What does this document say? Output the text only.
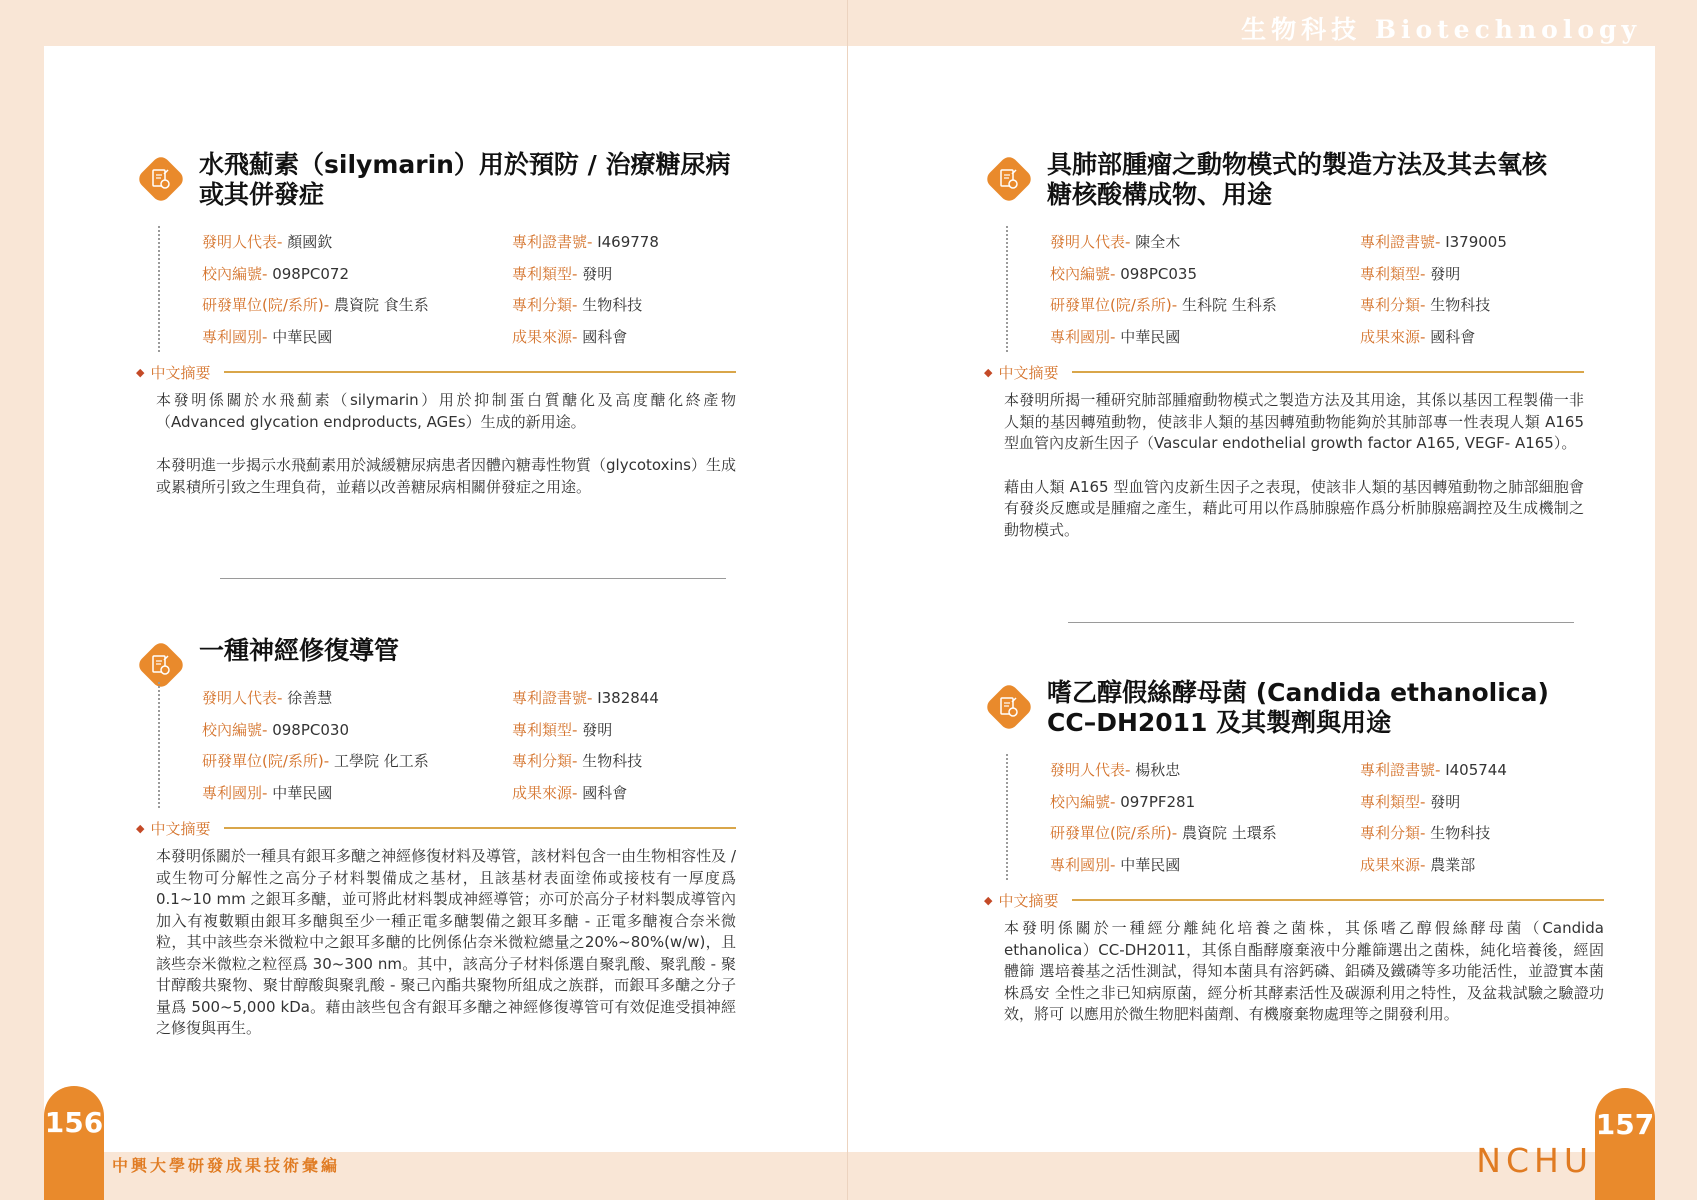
生物科技 Biotechnology
水飛薊素（silymarin）用於預防 / 治療糖尿病
或其併發症
發明人代表- 顏國欽	專利證書號- I469778
校內編號- 098PC072	專利類型- 發明
研發單位(院/系所)- 農資院 食生系	專利分類- 生物科技
專利國別- 中華民國	成果來源- 國科會
◆ 中文摘要

本發明係關於水飛薊素（silymarin）用於抑制蛋白質醣化及高度醣化終產物（Advanced glycation endproducts, AGEs）生成的新用途。

本發明進一步揭示水飛薊素用於減緩糖尿病患者因體內糖毒性物質（glycotoxins）生成或累積所引致之生理負荷，並藉以改善糖尿病相關併發症之用途。

具肺部腫瘤之動物模式的製造方法及其去氧核
糖核酸構成物、用途
發明人代表- 陳全木	專利證書號- I379005
校內編號- 098PC035	專利類型- 發明
研發單位(院/系所)- 生科院 生科系	專利分類- 生物科技
專利國別- 中華民國	成果來源- 國科會
◆ 中文摘要

本發明所揭一種研究肺部腫瘤動物模式之製造方法及其用途，其係以基因工程製備一非人類的基因轉殖動物，使該非人類的基因轉殖動物能夠於其肺部專一性表現人類 A165 型血管內皮新生因子（Vascular endothelial growth factor A165, VEGF- A165）。

藉由人類 A165 型血管內皮新生因子之表現，使該非人類的基因轉殖動物之肺部細胞會有發炎反應或是腫瘤之產生，藉此可用以作爲肺腺癌作爲分析肺腺癌調控及生成機制之動物模式。

一種神經修復導管
發明人代表- 徐善慧	專利證書號- I382844
校內編號- 098PC030	專利類型- 發明
研發單位(院/系所)- 工學院 化工系	專利分類- 生物科技
專利國別- 中華民國	成果來源- 國科會
◆ 中文摘要

本發明係關於一種具有銀耳多醣之神經修復材料及導管，該材料包含一由生物相容性及 / 或生物可分解性之高分子材料製備成之基材，且該基材表面塗佈或接枝有一厚度爲 0.1~10 mm 之銀耳多醣，並可將此材料製成神經導管；亦可於高分子材料製成導管內加入有複數顆由銀耳多醣與至少一種正電多醣製備之銀耳多醣 - 正電多醣複合奈米微粒，其中該些奈米微粒中之銀耳多醣的比例係佔奈米微粒總量之20%~80%(w/w)，且該些奈米微粒之粒徑爲 30~300 nm。其中，該高分子材料係選自聚乳酸、聚乳酸 - 聚甘醇酸共聚物、聚甘醇酸與聚乳酸 - 聚己內酯共聚物所組成之族群，而銀耳多醣之分子量爲 500~5,000 kDa。藉由該些包含有銀耳多醣之神經修復導管可有效促進受損神經之修復與再生。

嗜乙醇假絲酵母菌 (Candida ethanolica)
CC–DH2011 及其製劑與用途
發明人代表- 楊秋忠	專利證書號- I405744
校內編號- 097PF281	專利類型- 發明
研發單位(院/系所)- 農資院 土環系	專利分類- 生物科技
專利國別- 中華民國	成果來源- 農業部
◆ 中文摘要

本發明係關於一種經分離純化培養之菌株，其係嗜乙醇假絲酵母菌（Candida ethanolica）CC-DH2011，其係自酯酵廢棄液中分離篩選出之菌株，純化培養後，經固體篩 選培養基之活性測試，得知本菌具有溶鈣磷、鋁磷及鐵磷等多功能活性，並證實本菌株爲安 全性之非已知病原菌，經分析其酵素活性及碳源利用之特性，及盆栽試驗之驗證功效，將可 以應用於微生物肥料菌劑、有機廢棄物處理等之開發利用。

156	157
中興大學研發成果技術彙編	NCHU
